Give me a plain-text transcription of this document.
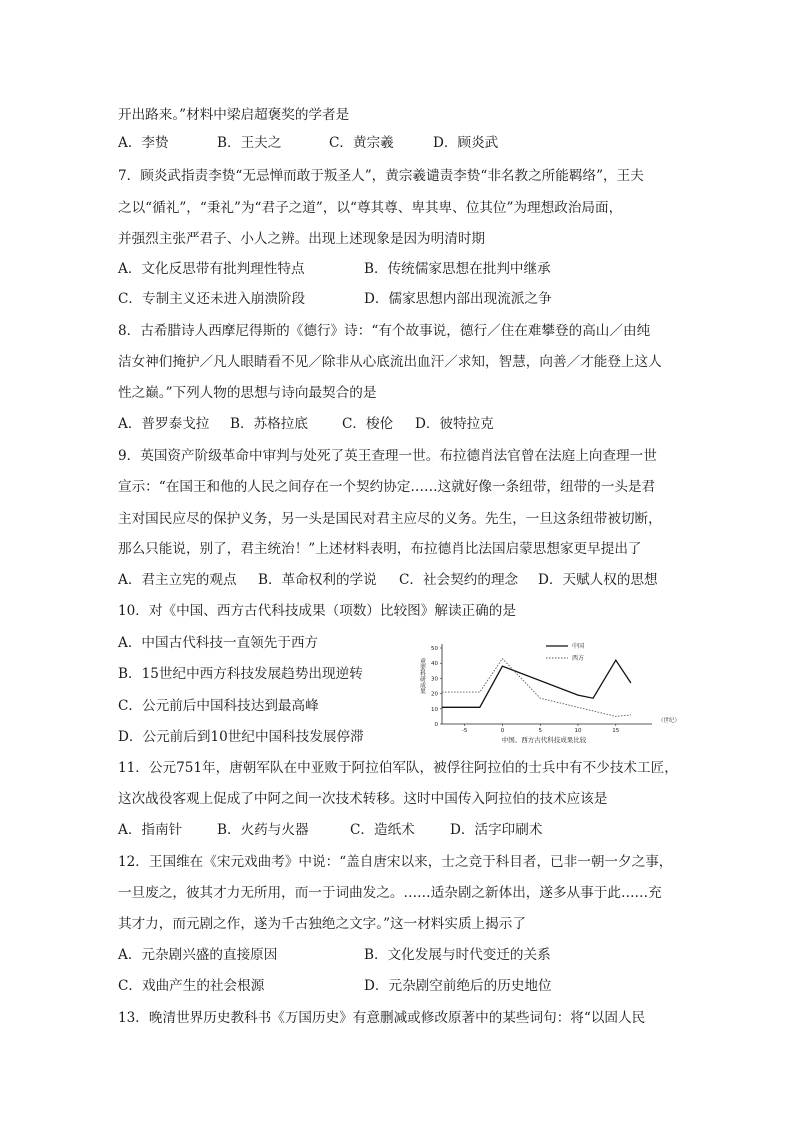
开出路来。”材料中梁启超褒奖的学者是
A．李贽	B．王夫之	C．黄宗羲	D．顾炎武
7．顾炎武指责李贽“无忌惮而敢于叛圣人”，黄宗羲谴责李贽“非名教之所能羁络”，王夫
之以“循礼”，“秉礼”为“君子之道”，以“尊其尊、卑其卑、位其位”为理想政治局面，
并强烈主张严君子、小人之辨。出现上述现象是因为明清时期
A．文化反思带有批判理性特点	B．传统儒家思想在批判中继承
C．专制主义还未进入崩溃阶段	D．儒家思想内部出现流派之争
8．古希腊诗人西摩尼得斯的《德行》诗：“有个故事说，德行／住在难攀登的高山／由纯
洁女神们掩护／凡人眼睛看不见／除非从心底流出血汗／求知，智慧，向善／才能登上这人
性之巅。”下列人物的思想与诗向最契合的是
A．普罗泰戈拉 B．苏格拉底	C．梭伦 D．彼特拉克
9．英国资产阶级革命中审判与处死了英王查理一世。布拉德肖法官曾在法庭上向查理一世
宣示：“在国王和他的人民之间存在一个契约协定……这就好像一条纽带，纽带的一头是君
主对国民应尽的保护义务，另一头是国民对君主应尽的义务。先生，一旦这条纽带被切断，
那么只能说，别了，君主统治！”上述材料表明，布拉德肖比法国启蒙思想家更早提出了
A．君主立宪的观点 B．革命权利的学说 C．社会契约的理念 D．天赋人权的思想
10．对《中国、西方古代科技成果（项数）比较图》解读正确的是
A．中国古代科技一直领先于西方
B．15世纪中西方科技发展趋势出现逆转
C．公元前后中国科技达到最高峰
D．公元前后到10世纪中国科技发展停滞
0
10
20
30
40
50
-5	0	5	10	15
（世纪）
重要科研成果
中国
西方
中国、西方古代科技成果比较
11．公元751年，唐朝军队在中亚败于阿拉伯军队，被俘往阿拉伯的士兵中有不少技术工匠，
这次战役客观上促成了中阿之间一次技术转移。这时中国传入阿拉伯的技术应该是
A．指南针	B．火药与火器	C．造纸术	D．活字印刷术
12．王国维在《宋元戏曲考》中说：“盖自唐宋以来，士之竞于科目者，已非一朝一夕之事，
一旦废之，彼其才力无所用，而一于词曲发之。……适杂剧之新体出，遂多从事于此……充
其才力，而元剧之作，遂为千古独绝之文字。”这一材料实质上揭示了
A．元杂剧兴盛的直接原因	B．文化发展与时代变迁的关系
C．戏曲产生的社会根源	D．元杂剧空前绝后的历史地位
13．晚清世界历史教科书《万国历史》有意删减或修改原著中的某些词句：将“以固人民
